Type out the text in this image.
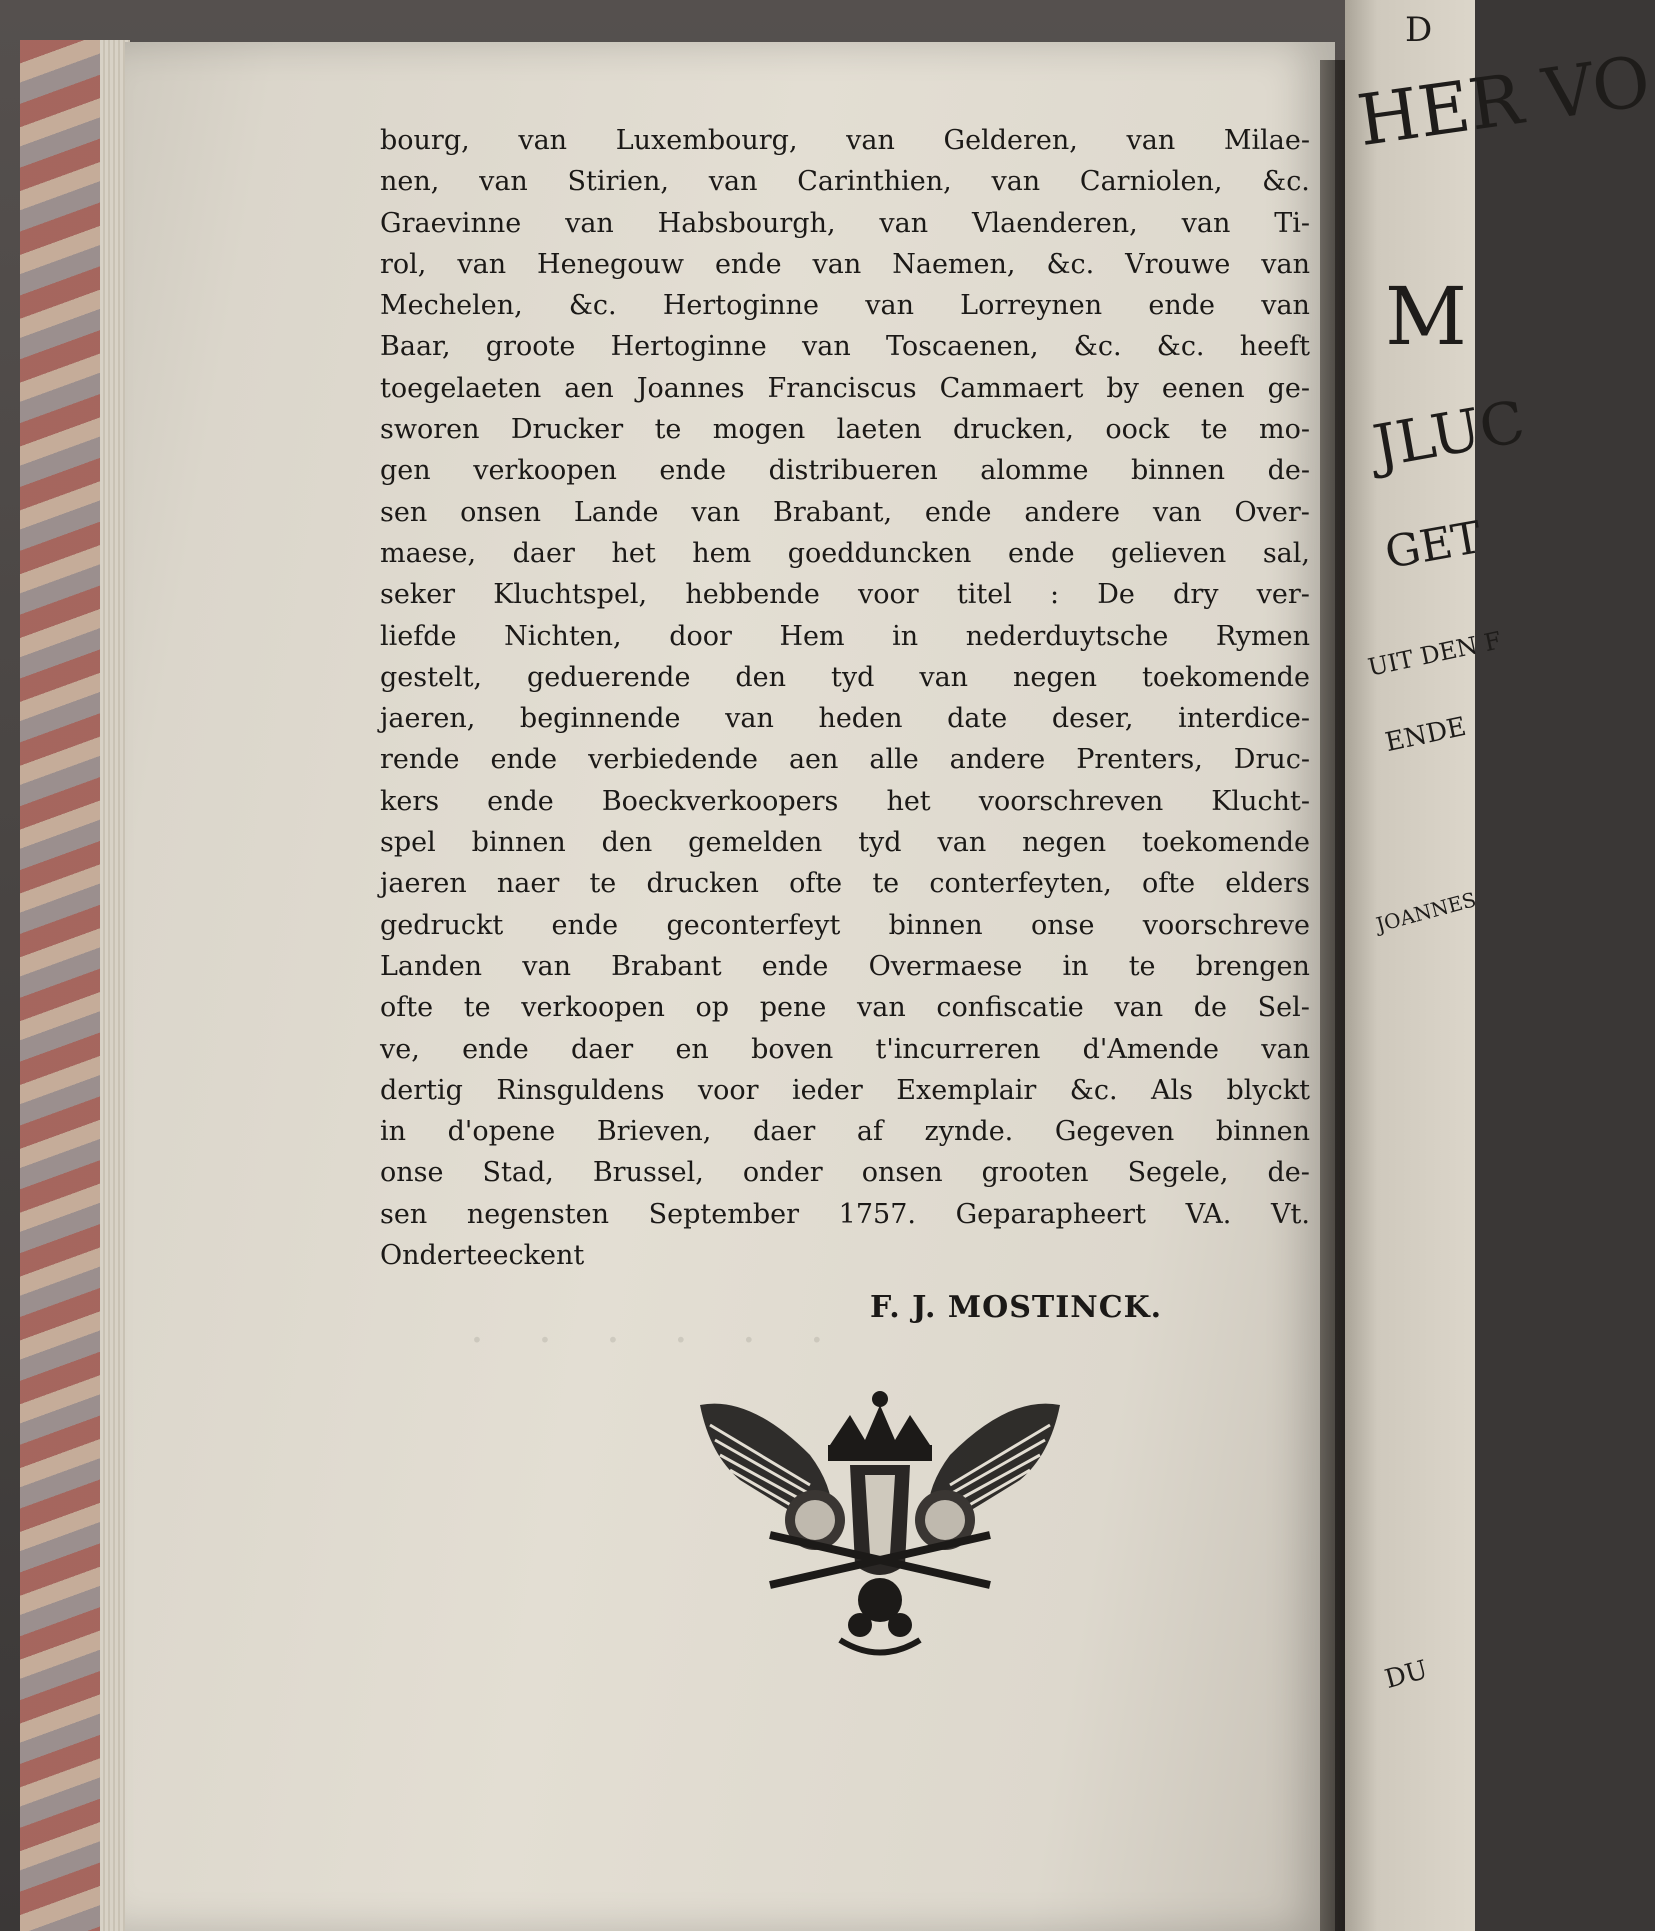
· · · · · ·
bourg, van Luxembourg, van Gelderen, van Milae-
nen, van Stirien, van Carinthien, van Carniolen, &c.
Graevinne van Habsbourgh, van Vlaenderen, van Ti-
rol, van Henegouw ende van Naemen, &c. Vrouwe van
Mechelen, &c. Hertoginne van Lorreynen ende van
Baar, groote Hertoginne van Toscaenen, &c. &c. heeft
toegelaeten aen Joannes Franciscus Cammaert by eenen ge-
sworen Drucker te mogen laeten drucken, oock te mo-
gen verkoopen ende distribueren alomme binnen de-
sen onsen Lande van Brabant, ende andere van Over-
maese, daer het hem goedduncken ende gelieven sal,
seker Kluchtspel, hebbende voor titel : De dry ver-
liefde Nichten, door Hem in nederduytsche Rymen
gestelt, geduerende den tyd van negen toekomende
jaeren, beginnende van heden date deser, interdice-
rende ende verbiedende aen alle andere Prenters, Druc-
kers ende Boeckverkoopers het voorschreven Klucht-
spel binnen den gemelden tyd van negen toekomende
jaeren naer te drucken ofte te conterfeyten, ofte elders
gedruckt ende geconterfeyt binnen onse voorschreve
Landen van Brabant ende Overmaese in te brengen
ofte te verkoopen op pene van confiscatie van de Sel-
ve, ende daer en boven t'incurreren d'Amende van
dertig Rinsguldens voor ieder Exemplair &c. Als blyckt
in d'opene Brieven, daer af zynde. Gegeven binnen
onse Stad, Brussel, onder onsen grooten Segele, de-
sen negensten September 1757. Geparapheert VA. Vt.
Onderteeckent
F. J. MOSTINCK.
D
HER VO
M
JLUC
GET
UIT DEN F
ENDE
JOANNES
DU
